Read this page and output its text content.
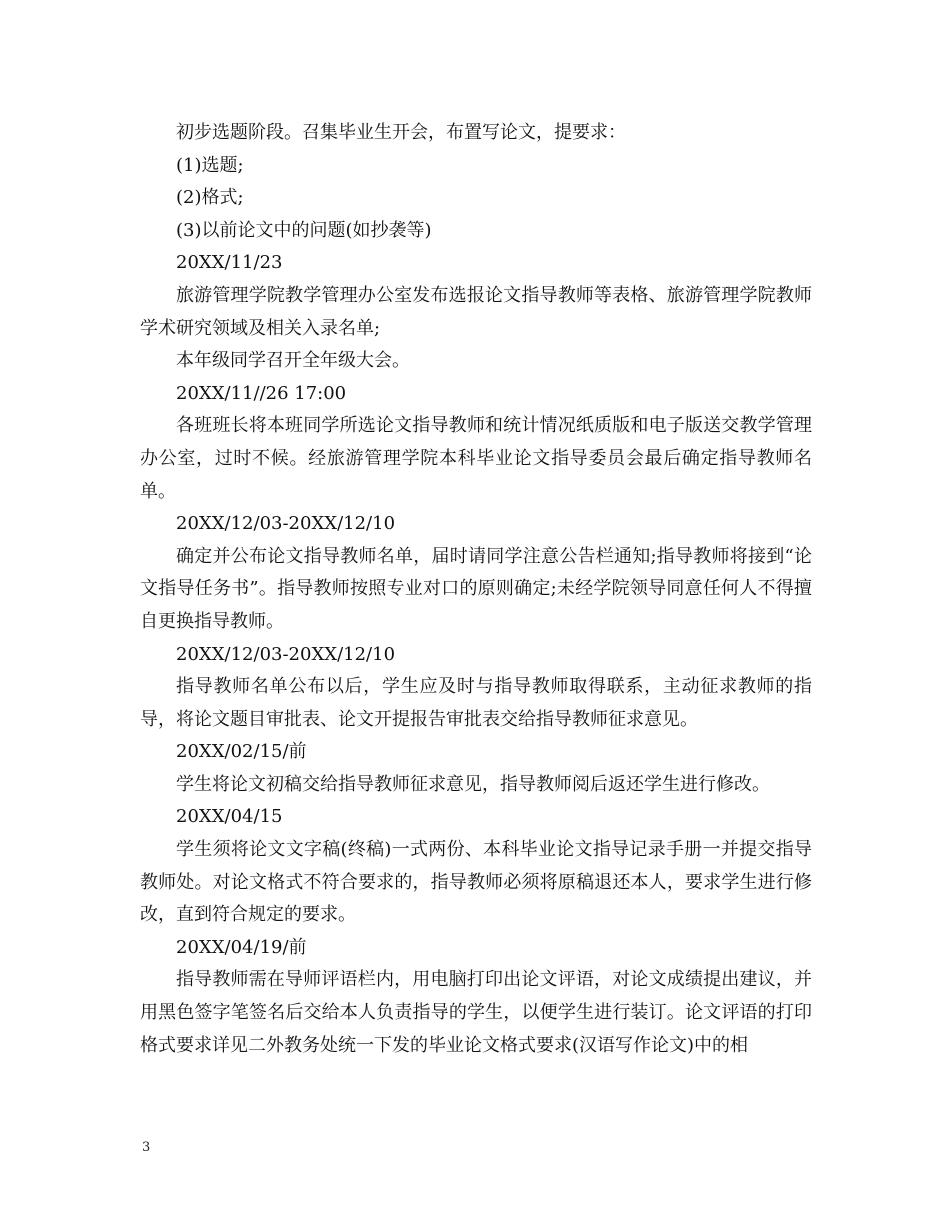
初步选题阶段。召集毕业生开会，布置写论文，提要求：

(1)选题;

(2)格式;

(3)以前论文中的问题(如抄袭等)

20XX/11/23

旅游管理学院教学管理办公室发布选报论文指导教师等表格、旅游管理学院教师学术研究领域及相关入录名单;

本年级同学召开全年级大会。

20XX/11//26 17:00

各班班长将本班同学所选论文指导教师和统计情况纸质版和电子版送交教学管理办公室，过时不候。经旅游管理学院本科毕业论文指导委员会最后确定指导教师名单。

20XX/12/03-20XX/12/10

确定并公布论文指导教师名单，届时请同学注意公告栏通知;指导教师将接到“论文指导任务书”。指导教师按照专业对口的原则确定;未经学院领导同意任何人不得擅自更换指导教师。

20XX/12/03-20XX/12/10

指导教师名单公布以后，学生应及时与指导教师取得联系，主动征求教师的指导，将论文题目审批表、论文开提报告审批表交给指导教师征求意见。

20XX/02/15/前

学生将论文初稿交给指导教师征求意见，指导教师阅后返还学生进行修改。

20XX/04/15

学生须将论文文字稿(终稿)一式两份、本科毕业论文指导记录手册一并提交指导教师处。对论文格式不符合要求的，指导教师必须将原稿退还本人，要求学生进行修改，直到符合规定的要求。

20XX/04/19/前

指导教师需在导师评语栏内，用电脑打印出论文评语，对论文成绩提出建议，并用黑色签字笔签名后交给本人负责指导的学生，以便学生进行装订。论文评语的打印格式要求详见二外教务处统一下发的毕业论文格式要求(汉语写作论文)中的相

3
